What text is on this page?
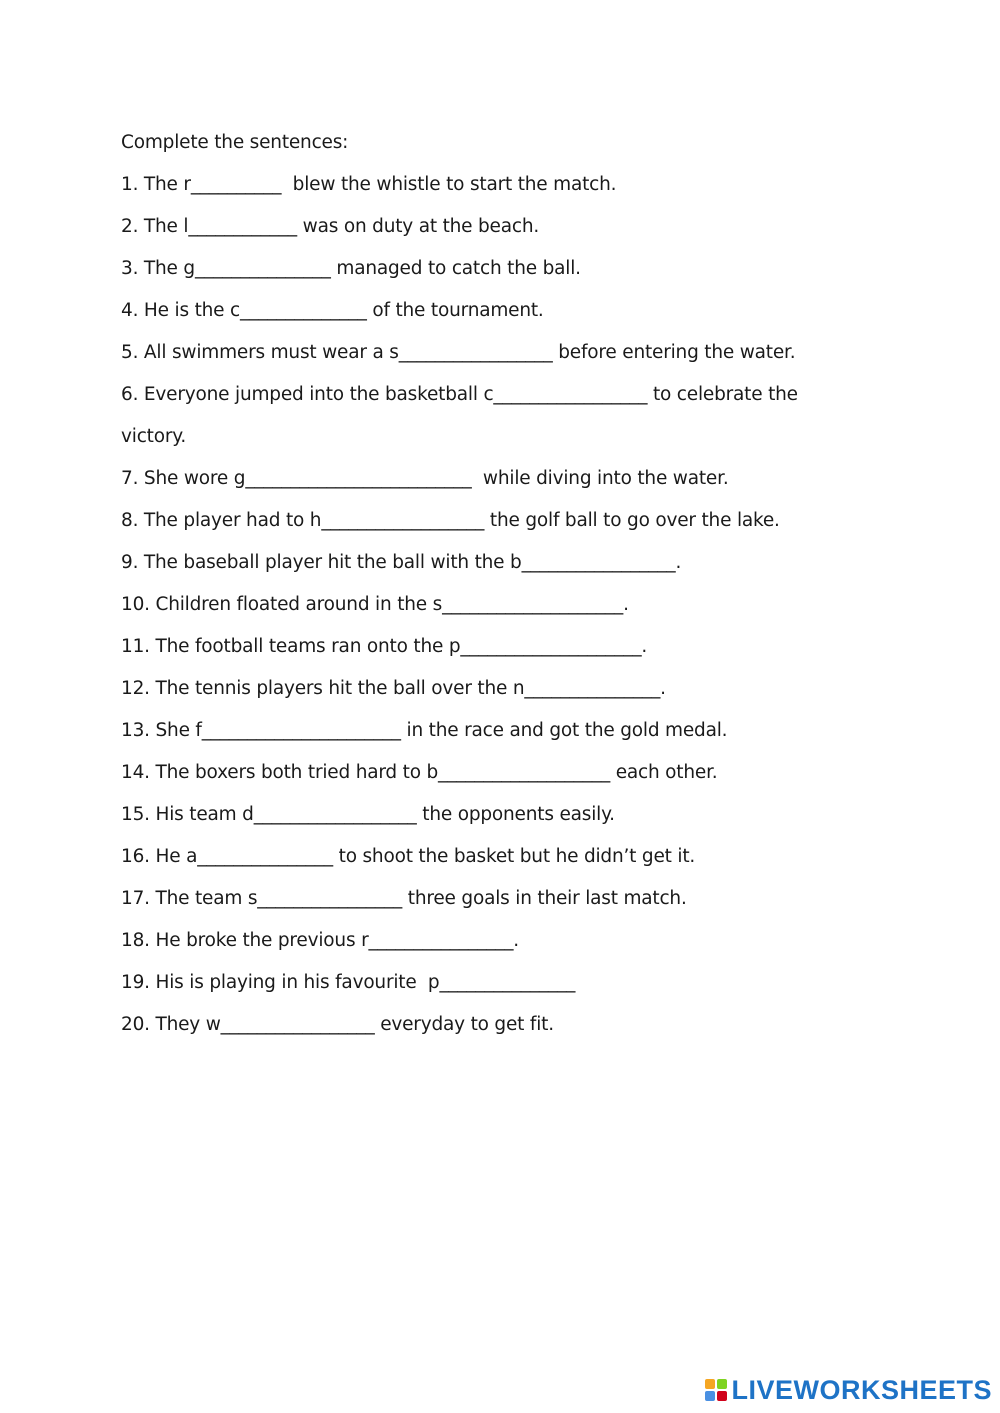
Complete the sentences:
1. The r__________  blew the whistle to start the match.
2. The l____________ was on duty at the beach.
3. The g_______________ managed to catch the ball.
4. He is the c______________ of the tournament.
5. All swimmers must wear a s_________________ before entering the water.
6. Everyone jumped into the basketball c_________________ to celebrate the
victory.
7. She wore g_________________________  while diving into the water.
8. The player had to h__________________ the golf ball to go over the lake.
9. The baseball player hit the ball with the b_________________.
10. Children floated around in the s____________________.
11. The football teams ran onto the p____________________.
12. The tennis players hit the ball over the n_______________.
13. She f______________________ in the race and got the gold medal.
14. The boxers both tried hard to b___________________ each other.
15. His team d__________________ the opponents easily.
16. He a_______________ to shoot the basket but he didn’t get it.
17. The team s________________ three goals in their last match.
18. He broke the previous r________________.
19. His is playing in his favourite  p_______________
20. They w_________________ everyday to get fit.
LIVEWORKSHEETS
